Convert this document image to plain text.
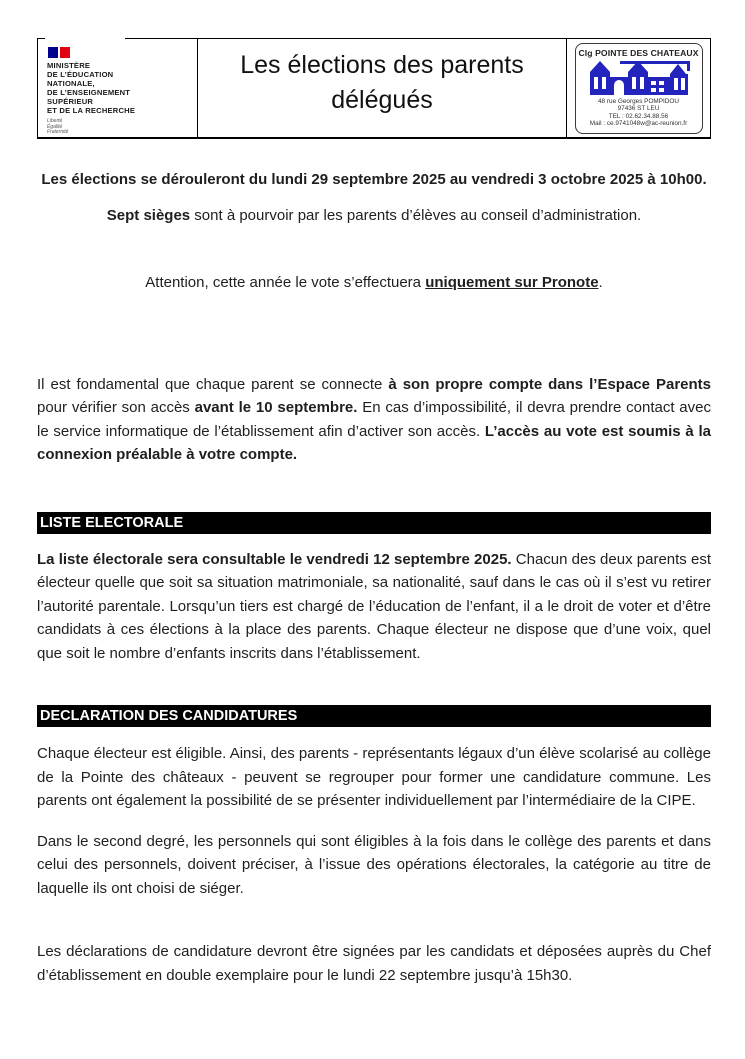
MINISTÈRE
DE L’ÉDUCATION
NATIONALE,
DE L’ENSEIGNEMENT
SUPÉRIEUR
ET DE LA RECHERCHE
Liberté
Égalité
Fraternité
Les élections des parents
délégués
Clg POINTE DES CHATEAUX
48 rue Georges POMPIDOU
97436 ST LEU
TEL : 02.62.34.88.56
Mail : ce.9741048w@ac-reunion.fr

Les élections se dérouleront du lundi 29 septembre 2025 au vendredi 3 octobre 2025 à 10h00.

Sept sièges sont à pourvoir par les parents d’élèves au conseil d’administration.

Attention, cette année le vote s’effectuera uniquement sur Pronote.

Il est fondamental que chaque parent se connecte à son propre compte dans l’Espace Parents pour vérifier son accès avant le 10 septembre. En cas d’impossibilité, il devra prendre contact avec le service informatique de l’établissement afin d’activer son accès. L’accès au vote est soumis à la connexion préalable à votre compte.

LISTE ELECTORALE

La liste électorale sera consultable le vendredi 12 septembre 2025. Chacun des deux parents est électeur quelle que soit sa situation matrimoniale, sa nationalité, sauf dans le cas où il s’est vu retirer l’autorité parentale. Lorsqu’un tiers est chargé de l’éducation de l’enfant, il a le droit de voter et d’être candidats à ces élections à la place des parents. Chaque électeur ne dispose que d’une voix, quel que soit le nombre d’enfants inscrits dans l’établissement.

DECLARATION DES CANDIDATURES

Chaque électeur est éligible. Ainsi, des parents - représentants légaux d’un élève scolarisé au collège de la Pointe des châteaux - peuvent se regrouper pour former une candidature commune. Les parents ont également la possibilité de se présenter individuellement par l’intermédiaire de la CIPE.

Dans le second degré, les personnels qui sont éligibles à la fois dans le collège des parents et dans celui des personnels, doivent préciser, à l’issue des opérations électorales, la catégorie au titre de laquelle ils ont choisi de siéger.

Les déclarations de candidature devront être signées par les candidats et déposées auprès du Chef d’établissement en double exemplaire pour le lundi 22 septembre jusqu’à 15h30.
